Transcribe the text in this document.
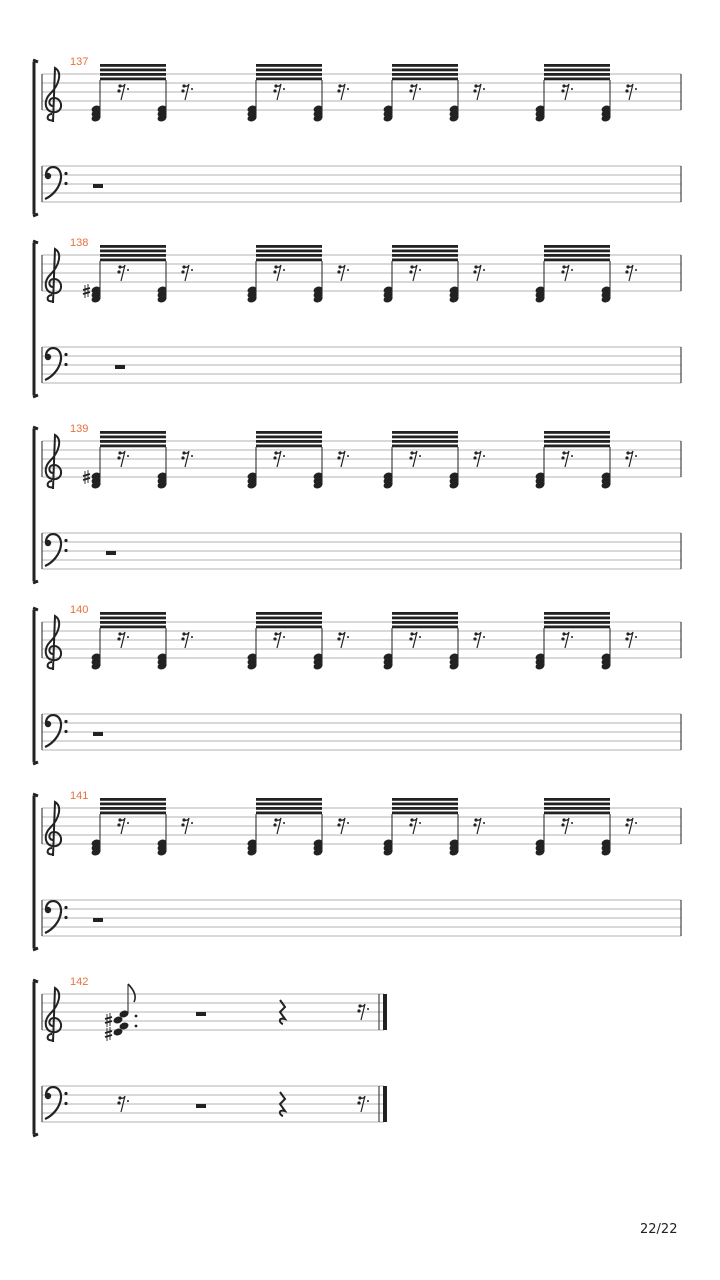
137
138
139
140
141
142
22/22
